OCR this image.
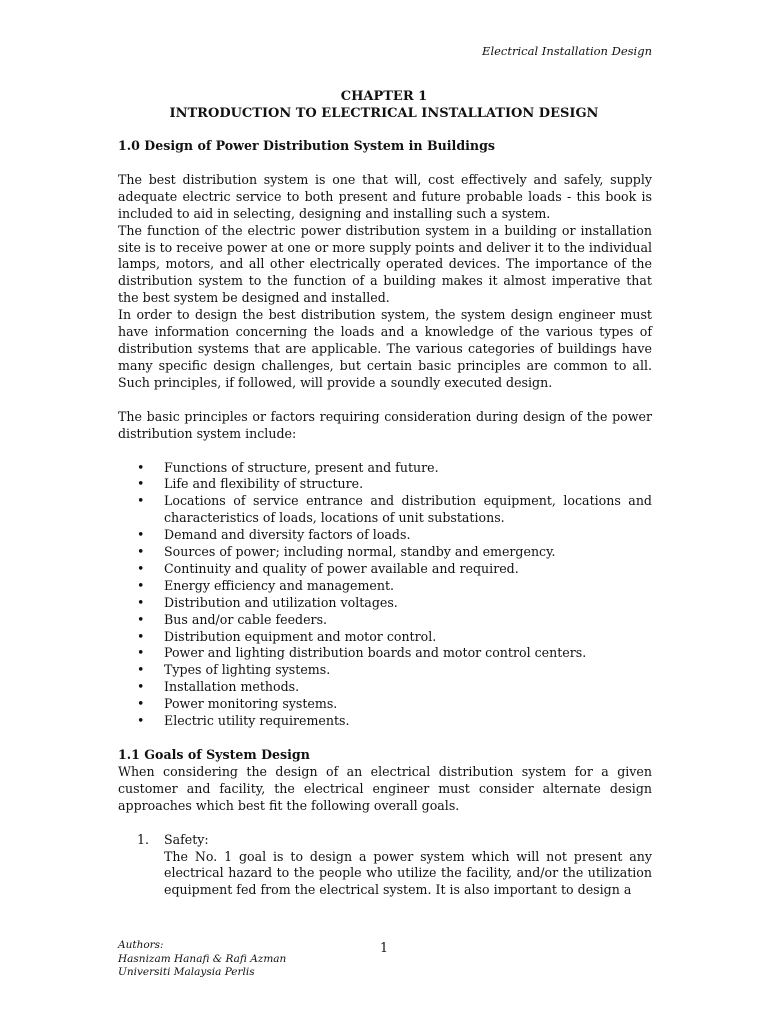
Electrical Installation Design
CHAPTER 1
INTRODUCTION TO ELECTRICAL INSTALLATION DESIGN
1.0 Design of Power Distribution System in Buildings

The best distribution system is one that will, cost effectively and safely, supply adequate electric service to both present and future probable loads - this book is included to aid in selecting, designing and installing such a system.

The function of the electric power distribution system in a building or installation site is to receive power at one or more supply points and deliver it to the individual lamps, motors, and all other electrically operated devices. The importance of the distribution system to the function of a building makes it almost imperative that the best system be designed and installed.

In order to design the best distribution system, the system design engineer must have information concerning the loads and a knowledge of the various types of distribution systems that are applicable. The various categories of buildings have many specific design challenges, but certain basic principles are common to all. Such principles, if followed, will provide a soundly executed design.

The basic principles or factors requiring consideration during design of the power distribution system include:

• Functions of structure, present and future.
• Life and flexibility of structure.
• Locations of service entrance and distribution equipment, locations and characteristics of loads, locations of unit substations.
• Demand and diversity factors of loads.
• Sources of power; including normal, standby and emergency.
• Continuity and quality of power available and required.
• Energy efficiency and management.
• Distribution and utilization voltages.
• Bus and/or cable feeders.
• Distribution equipment and motor control.
• Power and lighting distribution boards and motor control centers.
• Types of lighting systems.
• Installation methods.
• Power monitoring systems.
• Electric utility requirements.
1.1 Goals of System Design

When considering the design of an electrical distribution system for a given customer and facility, the electrical engineer must consider alternate design approaches which best fit the following overall goals.

1. Safety:
The No. 1 goal is to design a power system which will not present any electrical hazard to the people who utilize the facility, and/or the utilization equipment fed from the electrical system. It is also important to design a
Authors:
Hasnizam Hanafi & Rafi Azman
Universiti Malaysia Perlis
1
